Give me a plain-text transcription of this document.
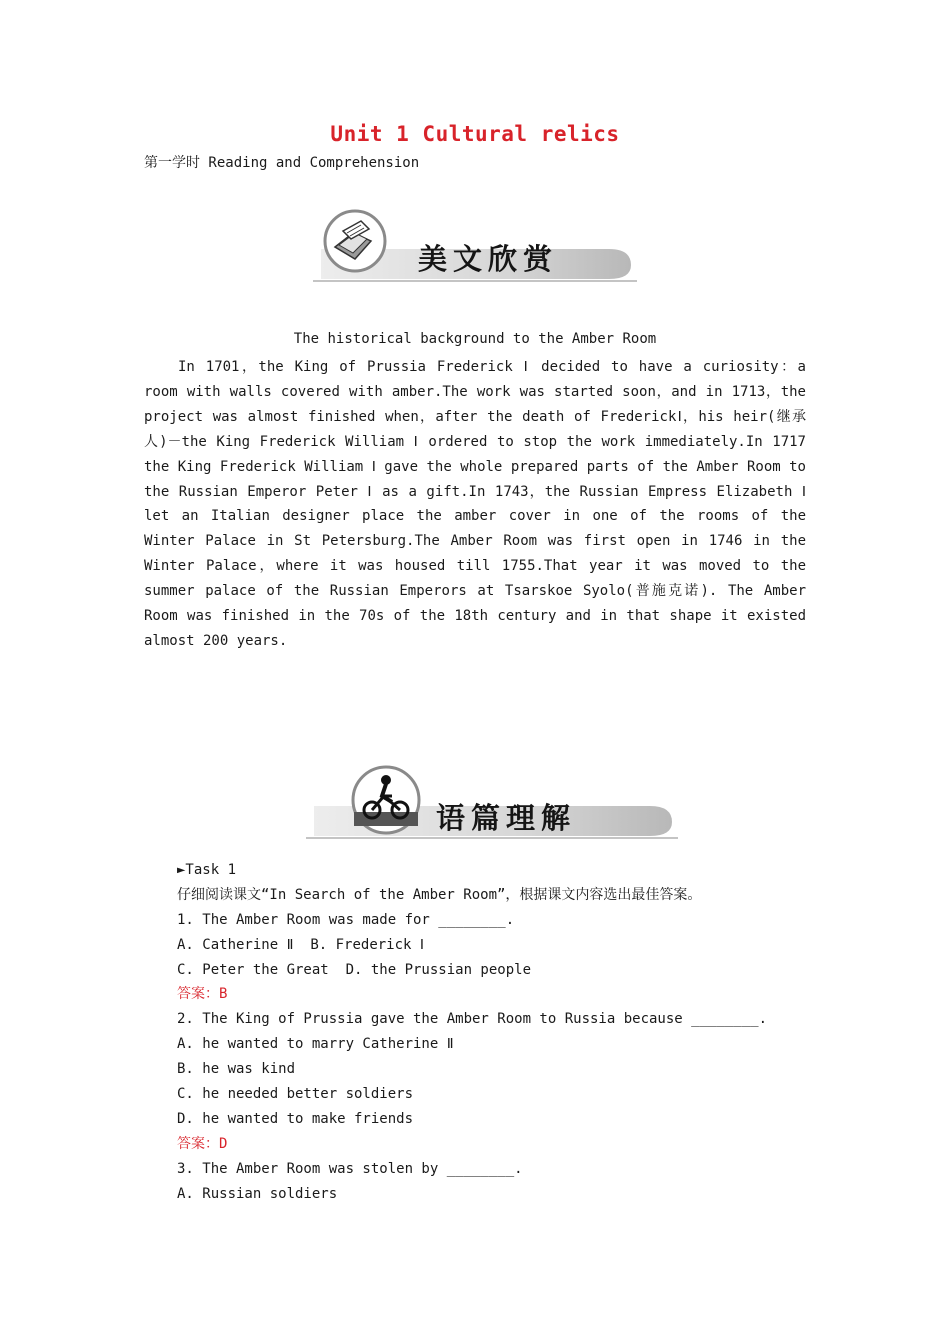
Unit 1 Cultural relics
第一学时 Reading and Comprehension
美文欣赏
The historical background to the Amber Room
In 1701，the King of Prussia Frederick Ⅰ decided to have a curiosity：a room with walls covered with amber.The work was started soon，and in 1713，the project was almost finished when，after the death of FrederickⅠ，his heir(继承人)－the King Frederick William Ⅰ ordered to stop the work immediately.In 1717 the King Frederick William Ⅰ gave the whole prepared parts of the Amber Room to the Russian Emperor Peter Ⅰ as a gift.In 1743，the Russian Empress Elizabeth Ⅰ let an Italian designer place the amber cover in one of the rooms of the Winter Palace in St Petersburg.The Amber Room was first open in 1746 in the Winter Palace，where it was housed till 1755.That year it was moved to the summer palace of the Russian Emperors at Tsarskoe Syolo(普施克诺). The Amber Room was finished in the 70s of the 18th century and in that shape it existed almost 200 years.
语篇理解
►Task 1
仔细阅读课文“In Search of the Amber Room”，根据课文内容选出最佳答案。
1. The Amber Room was made for ________.
A. Catherine Ⅱ  B. Frederick Ⅰ
C. Peter the Great  D. the Prussian people
答案：B
2. The King of Prussia gave the Amber Room to Russia because ________.
A. he wanted to marry Catherine Ⅱ
B. he was kind
C. he needed better soldiers
D. he wanted to make friends
答案：D
3. The Amber Room was stolen by ________.
A. Russian soldiers
